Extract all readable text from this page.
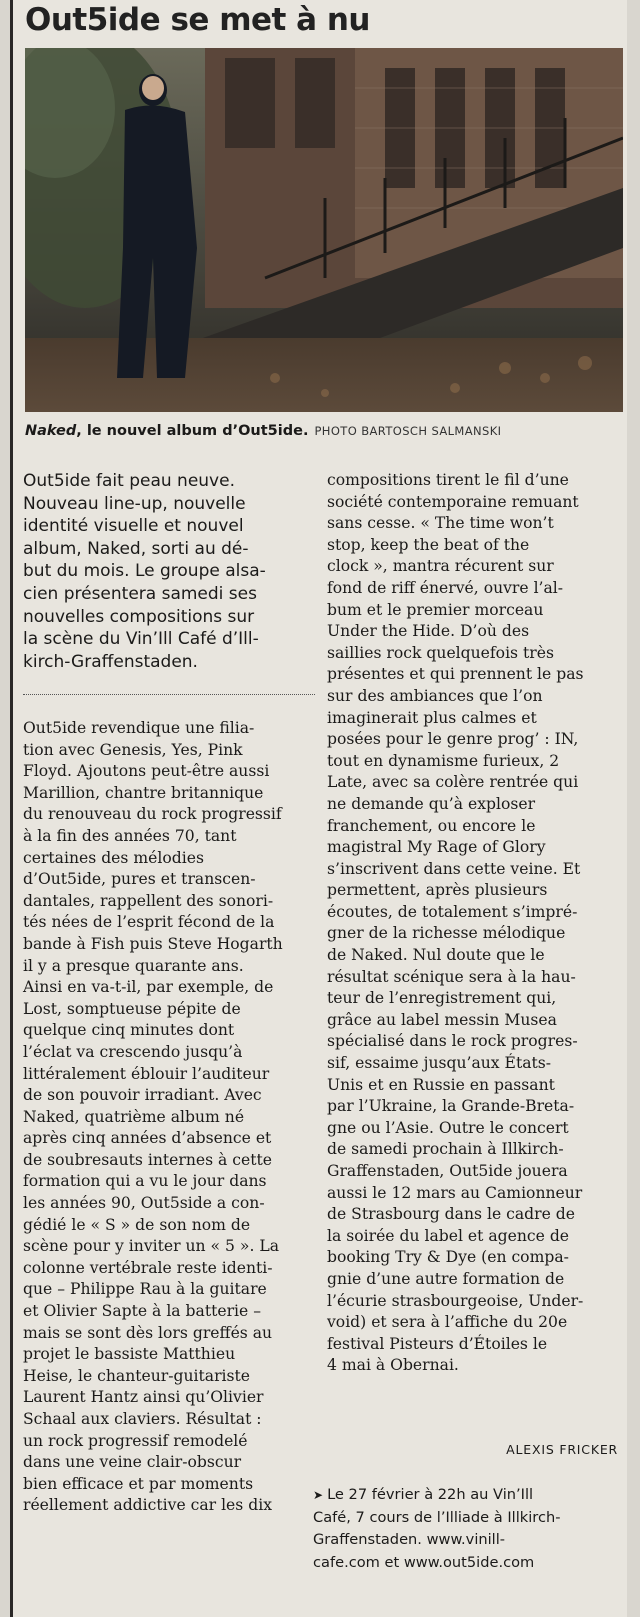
Out5ide se met à nu
Naked, le nouvel album d’Out5ide. PHOTO BARTOSCH SALMANSKI

Out5ide fait peau neuve.

Nouveau line-up, nouvelle

identité visuelle et nouvel

album, Naked, sorti au dé-

but du mois. Le groupe alsa-

cien présentera samedi ses

nouvelles compositions sur

la scène du Vin’Ill Café d’Ill-

kirch-Graffenstaden.

Out5ide revendique une filia-

tion avec Genesis, Yes, Pink

Floyd. Ajoutons peut-être aussi

Marillion, chantre britannique

du renouveau du rock progressif

à la fin des années 70, tant

certaines des mélodies

d’Out5ide, pures et transcen-

dantales, rappellent des sonori-

tés nées de l’esprit fécond de la

bande à Fish puis Steve Hogarth

il y a presque quarante ans.

Ainsi en va-t-il, par exemple, de

Lost, somptueuse pépite de

quelque cinq minutes dont

l’éclat va crescendo jusqu’à

littéralement éblouir l’auditeur

de son pouvoir irradiant. Avec

Naked, quatrième album né

après cinq années d’absence et

de soubresauts internes à cette

formation qui a vu le jour dans

les années 90, Out5side a con-

gédié le « S » de son nom de

scène pour y inviter un « 5 ». La

colonne vertébrale reste identi-

que – Philippe Rau à la guitare

et Olivier Sapte à la batterie –

mais se sont dès lors greffés au

projet le bassiste Matthieu

Heise, le chanteur-guitariste

Laurent Hantz ainsi qu’Olivier

Schaal aux claviers. Résultat :

un rock progressif remodelé

dans une veine clair-obscur

bien efficace et par moments

réellement addictive car les dix

compositions tirent le fil d’une

société contemporaine remuant

sans cesse. « The time won’t

stop, keep the beat of the

clock », mantra récurent sur

fond de riff énervé, ouvre l’al-

bum et le premier morceau

Under the Hide. D’où des

saillies rock quelquefois très

présentes et qui prennent le pas

sur des ambiances que l’on

imaginerait plus calmes et

posées pour le genre prog’ : IN,

tout en dynamisme furieux, 2

Late, avec sa colère rentrée qui

ne demande qu’à exploser

franchement, ou encore le

magistral My Rage of Glory

s’inscrivent dans cette veine. Et

permettent, après plusieurs

écoutes, de totalement s’impré-

gner de la richesse mélodique

de Naked. Nul doute que le

résultat scénique sera à la hau-

teur de l’enregistrement qui,

grâce au label messin Musea

spécialisé dans le rock progres-

sif, essaime jusqu’aux États-

Unis et en Russie en passant

par l’Ukraine, la Grande-Breta-

gne ou l’Asie. Outre le concert

de samedi prochain à Illkirch-

Graffenstaden, Out5ide jouera

aussi le 12 mars au Camionneur

de Strasbourg dans le cadre de

la soirée du label et agence de

booking Try & Dye (en compa-

gnie d’une autre formation de

l’écurie strasbourgeoise, Under-

void) et sera à l’affiche du 20e

festival Pisteurs d’Étoiles le

4 mai à Obernai.

ALEXIS FRICKER

➤ Le 27 février à 22h au Vin’Ill

Café, 7 cours de l’Illiade à Illkirch-

Graffenstaden. www.vinill-

cafe.com et www.out5ide.com
